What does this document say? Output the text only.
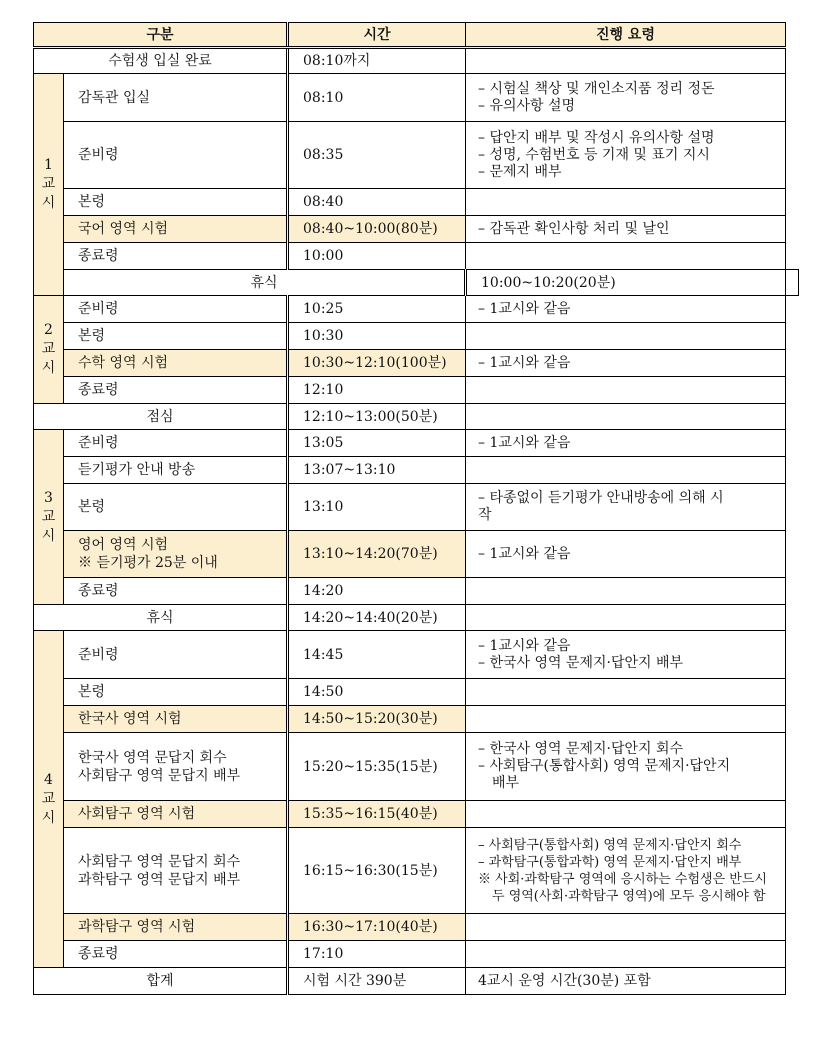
구분		시간	진행 요령	
수험생 입실 완료		08:10까지		
1
교
시	감독관 입실	08:10	– 시험실 책상 및 개인소지품 정리 정돈
– 유의사항 설명	

	준비령	08:35	– 답안지 배부 및 작성시 유의사항 설명
– 성명, 수험번호 등 기재 및 표기 지시
– 문제지 배부	

	본령	08:40		
	국어 영역 시험	08:40~10:00(80분)	– 감독관 확인사항 처리 및 날인	

	종료령	10:00		
	휴식		10:00~10:20(20분)	
2
교
시	준비령	10:25	– 1교시와 같음	

	본령	10:30		
	수학 영역 시험	10:30~12:10(100분)	– 1교시와 같음	

	종료령	12:10		
점심		12:10~13:00(50분)		
3
교
시	준비령	13:05	– 1교시와 같음	

	듣기평가 안내 방송	13:07~13:10		
	본령	13:10	– 타종없이 듣기평가 안내방송에 의해 시
작	

	영어 영역 시험
※ 듣기평가 25분 이내	13:10~14:20(70분)	– 1교시와 같음	

	종료령	14:20		
휴식		14:20~14:40(20분)		
4
교
시	준비령	14:45	– 1교시와 같음
– 한국사 영역 문제지·답안지 배부	

	본령	14:50		
	한국사 영역 시험	14:50~15:20(30분)		

	한국사 영역 문답지 회수
사회탐구 영역 문답지 배부	15:20~15:35(15분)	– 한국사 영역 문제지·답안지 회수
– 사회탐구(통합사회) 영역 문제지·답안지
배부	

	사회탐구 영역 시험	15:35~16:15(40분)		

	사회탐구 영역 문답지 회수
과학탐구 영역 문답지 배부	16:15~16:30(15분)	– 사회탐구(통합사회) 영역 문제지·답안지 회수
– 과학탐구(통합과학) 영역 문제지·답안지 배부
※ 사회·과학탐구 영역에 응시하는 수험생은 반드시
두 영역(사회·과학탐구 영역)에 모두 응시해야 함	

	과학탐구 영역 시험	16:30~17:10(40분)		
	종료령	17:10		
합계		시험 시간 390분	4교시 운영 시간(30분) 포함	
